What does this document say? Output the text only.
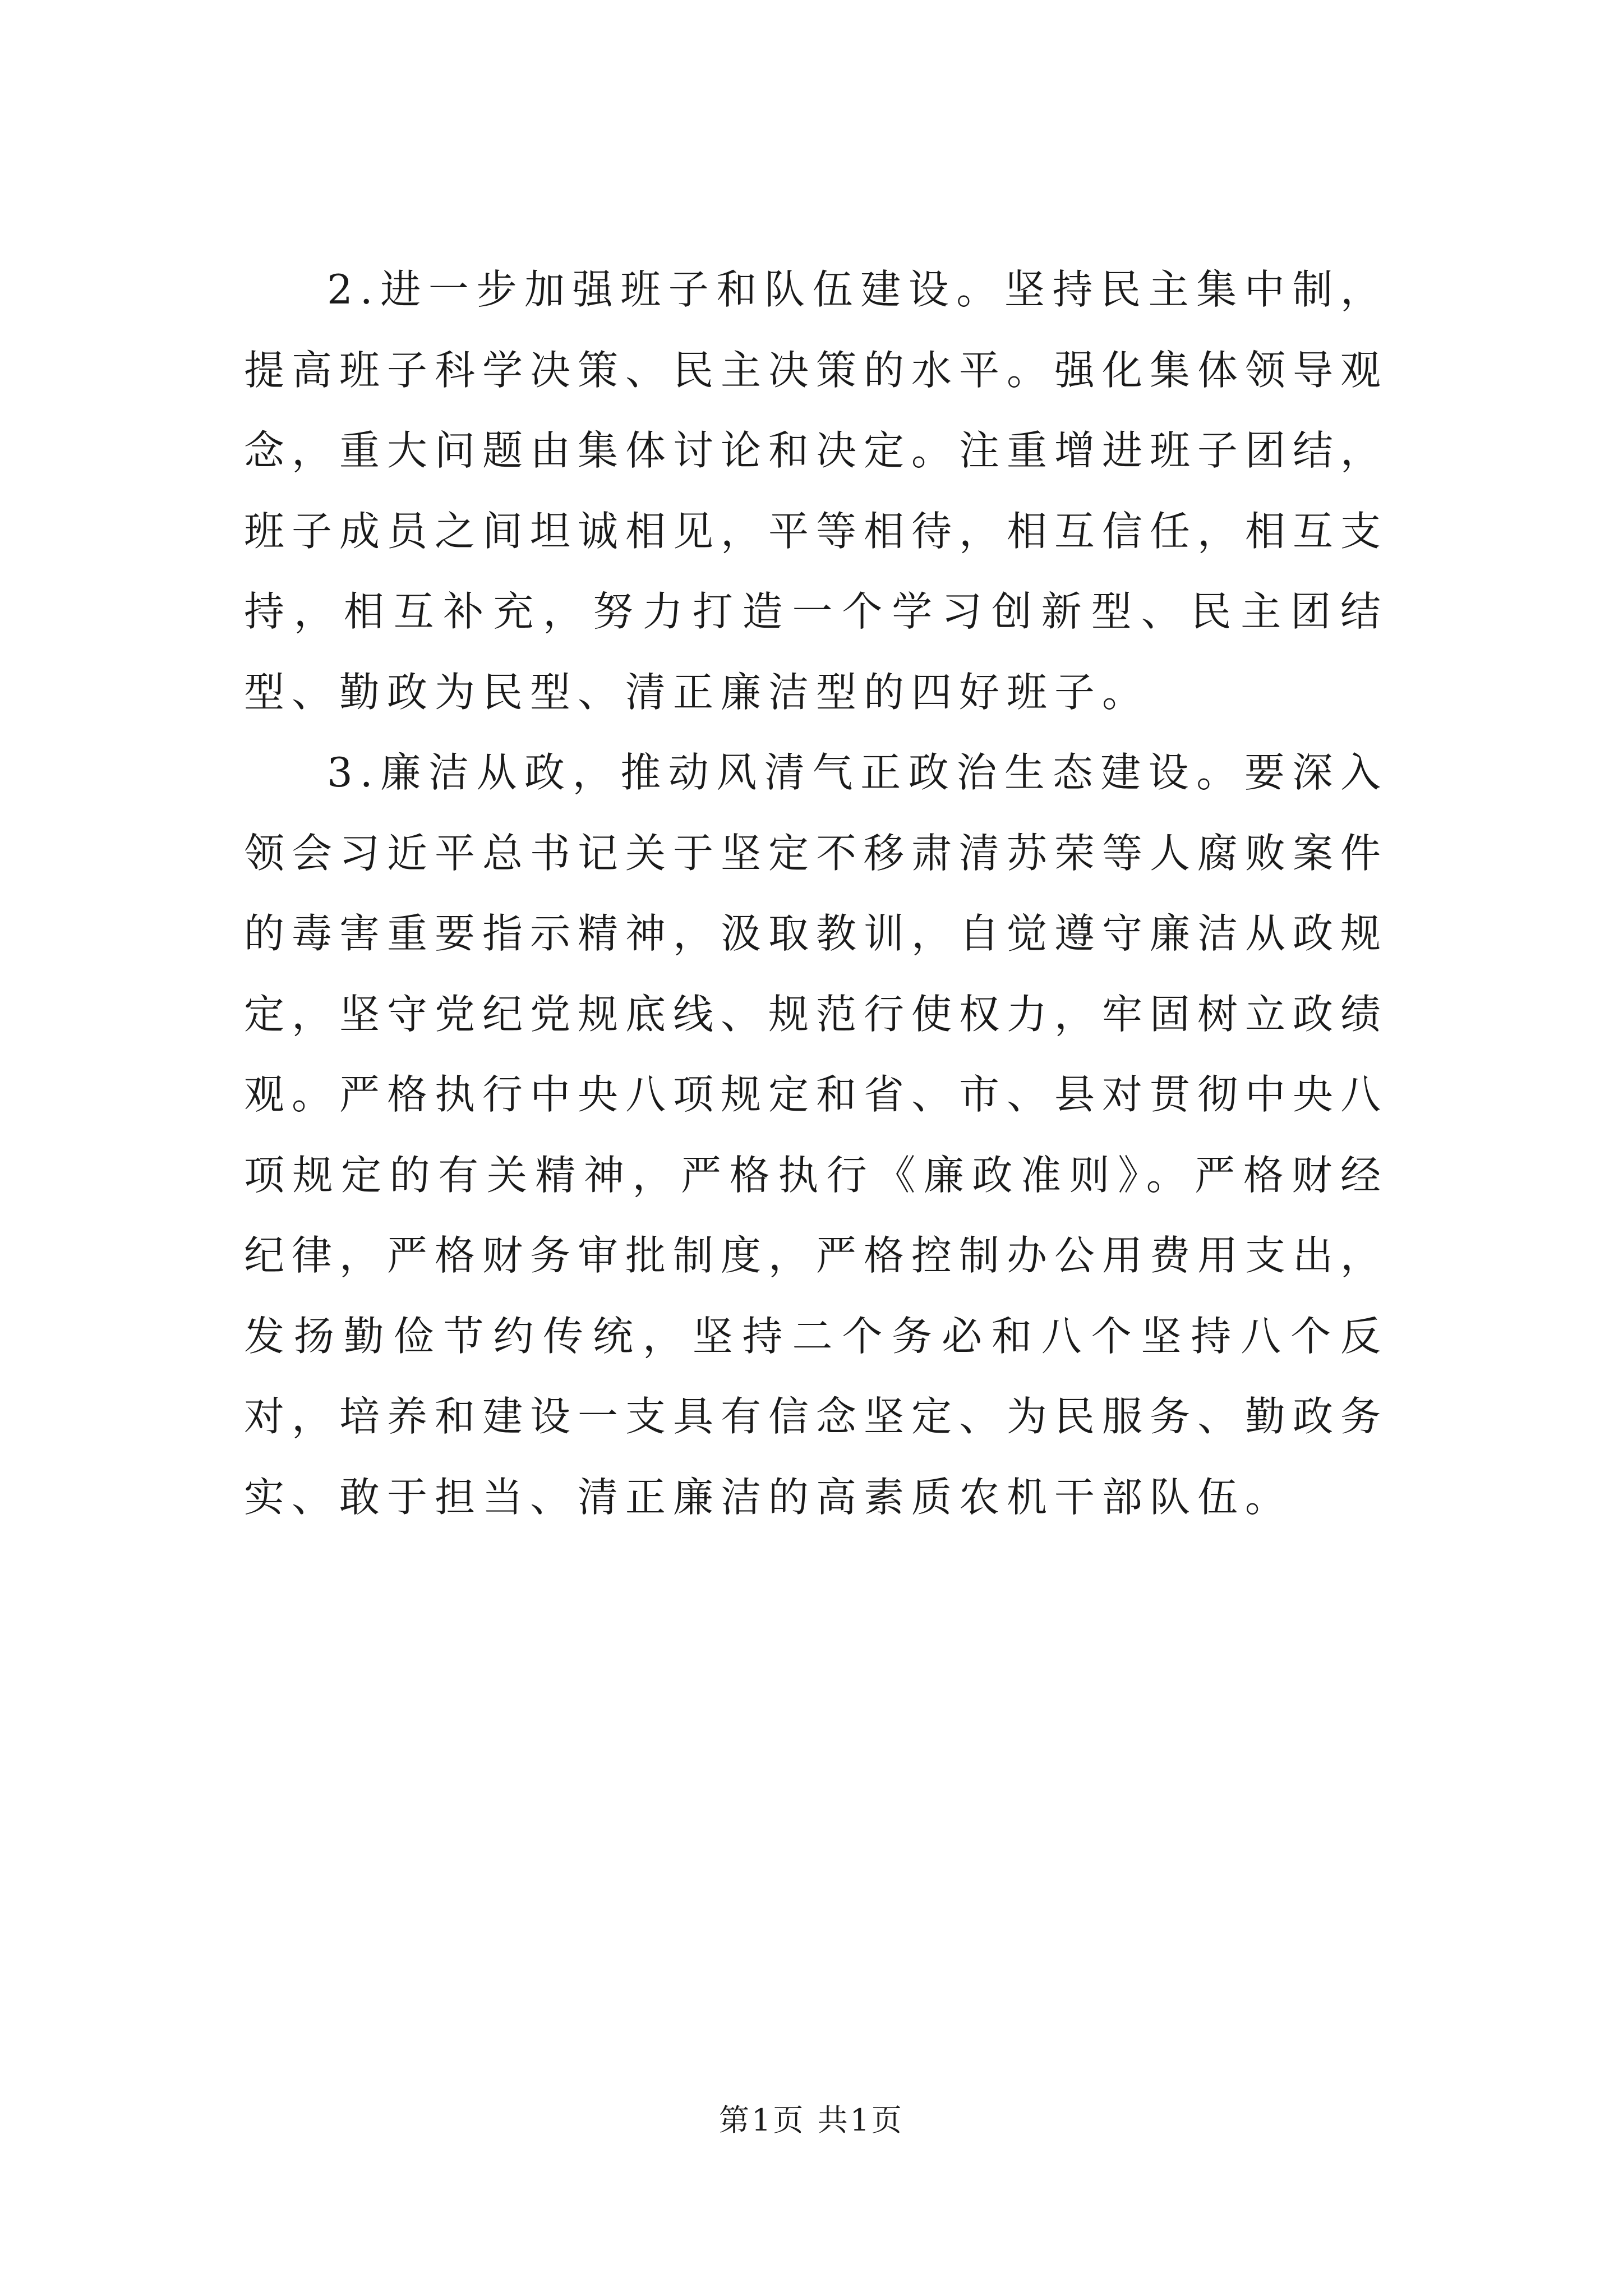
2.进一步加强班子和队伍建设。坚持民主集中制，提高班子科学决策、民主决策的水平。强化集体领导观念，重大问题由集体讨论和决定。注重增进班子团结，班子成员之间坦诚相见，平等相待，相互信任，相互支持，相互补充，努力打造一个学习创新型、民主团结型、勤政为民型、清正廉洁型的四好班子。

3.廉洁从政，推动风清气正政治生态建设。要深入领会习近平总书记关于坚定不移肃清苏荣等人腐败案件的毒害重要指示精神，汲取教训，自觉遵守廉洁从政规定，坚守党纪党规底线、规范行使权力，牢固树立政绩观。严格执行中央八项规定和省、市、县对贯彻中央八项规定的有关精神，严格执行《廉政准则》。严格财经纪律，严格财务审批制度，严格控制办公用费用支出，发扬勤俭节约传统，坚持二个务必和八个坚持八个反对，培养和建设一支具有信念坚定、为民服务、勤政务实、敢于担当、清正廉洁的高素质农机干部队伍。

第1页 共1页
